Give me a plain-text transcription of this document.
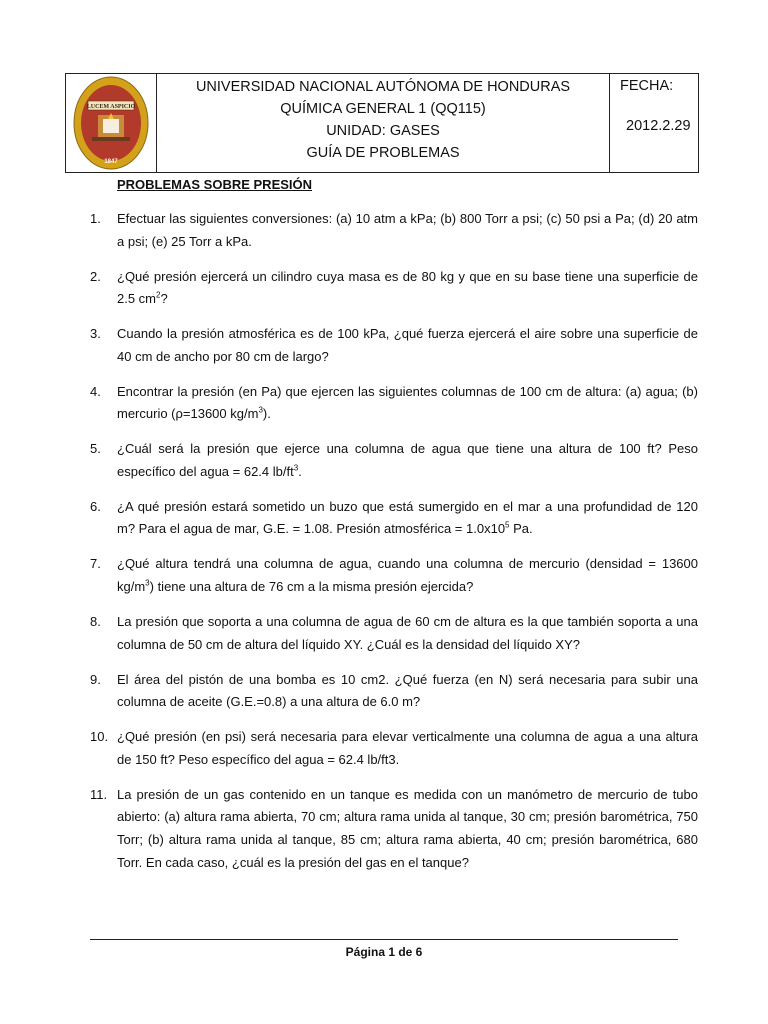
LUCEM ASPICIO
1847
UNIVERSIDAD NACIONAL AUTÓNOMA DE HONDURAS
QUÍMICA GENERAL 1 (QQ115)
UNIDAD: GASES
GUÍA DE PROBLEMAS
FECHA:
2012.2.29
PROBLEMAS SOBRE PRESIÓN
1.	Efectuar las siguientes conversiones: (a) 10 atm a kPa; (b) 800 Torr a psi; (c) 50 psi a Pa; (d) 20 atm a psi; (e) 25 Torr a kPa.
2.	¿Qué presión ejercerá un cilindro cuya masa es de 80 kg y que en su base tiene una superficie de 2.5 $cm^2$?
3.	Cuando la presión atmosférica es de 100 kPa, ¿qué fuerza ejercerá el aire sobre una superficie de 40 cm de ancho por 80 cm de largo?
4.	Encontrar la presión (en Pa) que ejercen las siguientes columnas de 100 cm de altura: (a) agua; (b) mercurio (ρ=13600 $kg/m^3$).
5.	¿Cuál será la presión que ejerce una columna de agua que tiene una altura de 100 ft? Peso específico del agua = 62.4 $lb/ft^3$.
6.	¿A qué presión estará sometido un buzo que está sumergido en el mar a una profundidad de 120 m? Para el agua de mar, G.E. = 1.08. Presión atmosférica = $1.0x10^5$ Pa.
7.	¿Qué altura tendrá una columna de agua, cuando una columna de mercurio (densidad = 13600 $kg/m^3$) tiene una altura de 76 cm a la misma presión ejercida?
8.	La presión que soporta a una columna de agua de 60 cm de altura es la que también soporta a una columna de 50 cm de altura del líquido XY. ¿Cuál es la densidad del líquido XY?
9.	El área del pistón de una bomba es 10 cm2. ¿Qué fuerza (en N) será necesaria para subir una columna de aceite (G.E.=0.8) a una altura de 6.0 m?
10. ¿Qué presión (en psi) será necesaria para elevar verticalmente una columna de agua a una altura de 150 ft? Peso específico del agua = 62.4 lb/ft3.
11. La presión de un gas contenido en un tanque es medida con un manómetro de mercurio de tubo abierto: (a) altura rama abierta, 70 cm; altura rama unida al tanque, 30 cm; presión barométrica, 750 Torr; (b) altura rama unida al tanque, 85 cm; altura rama abierta, 40 cm; presión barométrica, 680 Torr. En cada caso, ¿cuál es la presión del gas en el tanque?
Página 1 de 6
